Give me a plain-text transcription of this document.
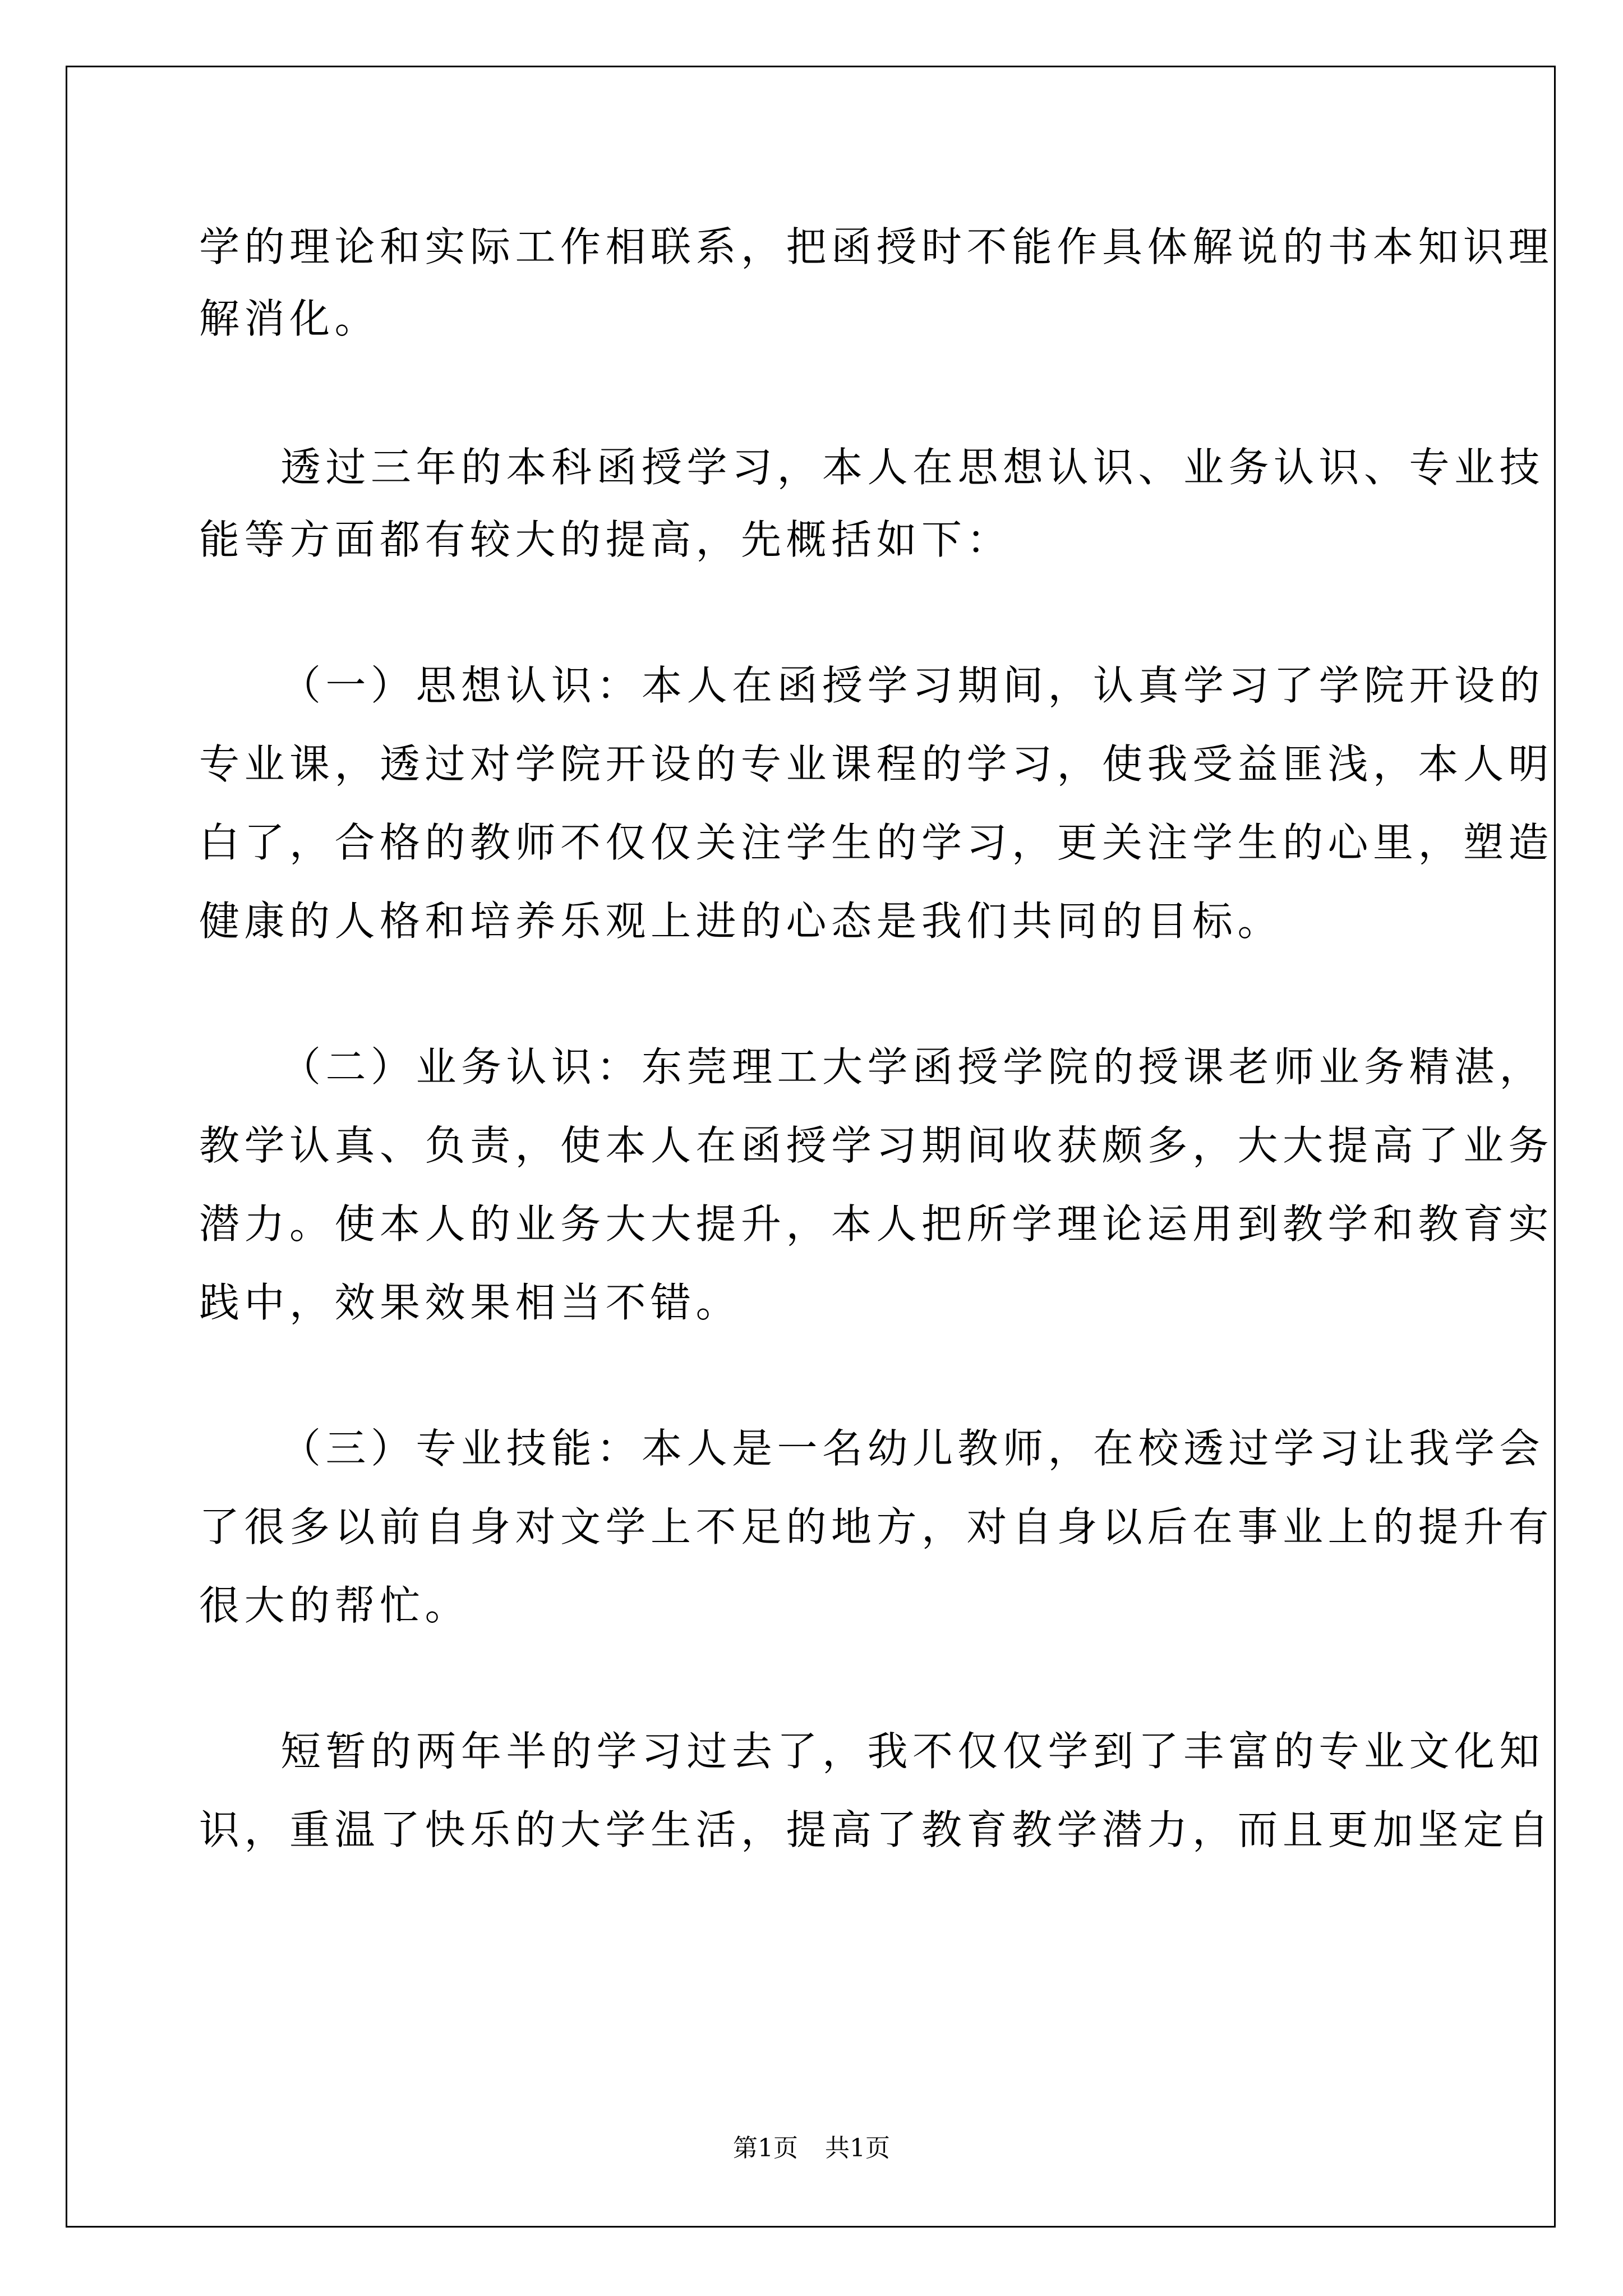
学的理论和实际工作相联系，把函授时不能作具体解说的书本知识理
解消化。
透过三年的本科函授学习，本人在思想认识、业务认识、专业技
能等方面都有较大的提高，先概括如下：
（一）思想认识：本人在函授学习期间，认真学习了学院开设的
专业课，透过对学院开设的专业课程的学习，使我受益匪浅，本人明
白了，合格的教师不仅仅关注学生的学习，更关注学生的心里，塑造
健康的人格和培养乐观上进的心态是我们共同的目标。
（二）业务认识：东莞理工大学函授学院的授课老师业务精湛，
教学认真、负责，使本人在函授学习期间收获颇多，大大提高了业务
潜力。使本人的业务大大提升，本人把所学理论运用到教学和教育实
践中，效果效果相当不错。
（三）专业技能：本人是一名幼儿教师，在校透过学习让我学会
了很多以前自身对文学上不足的地方，对自身以后在事业上的提升有
很大的帮忙。
短暂的两年半的学习过去了，我不仅仅学到了丰富的专业文化知
识，重温了快乐的大学生活，提高了教育教学潜力，而且更加坚定自
第1页 共1页
